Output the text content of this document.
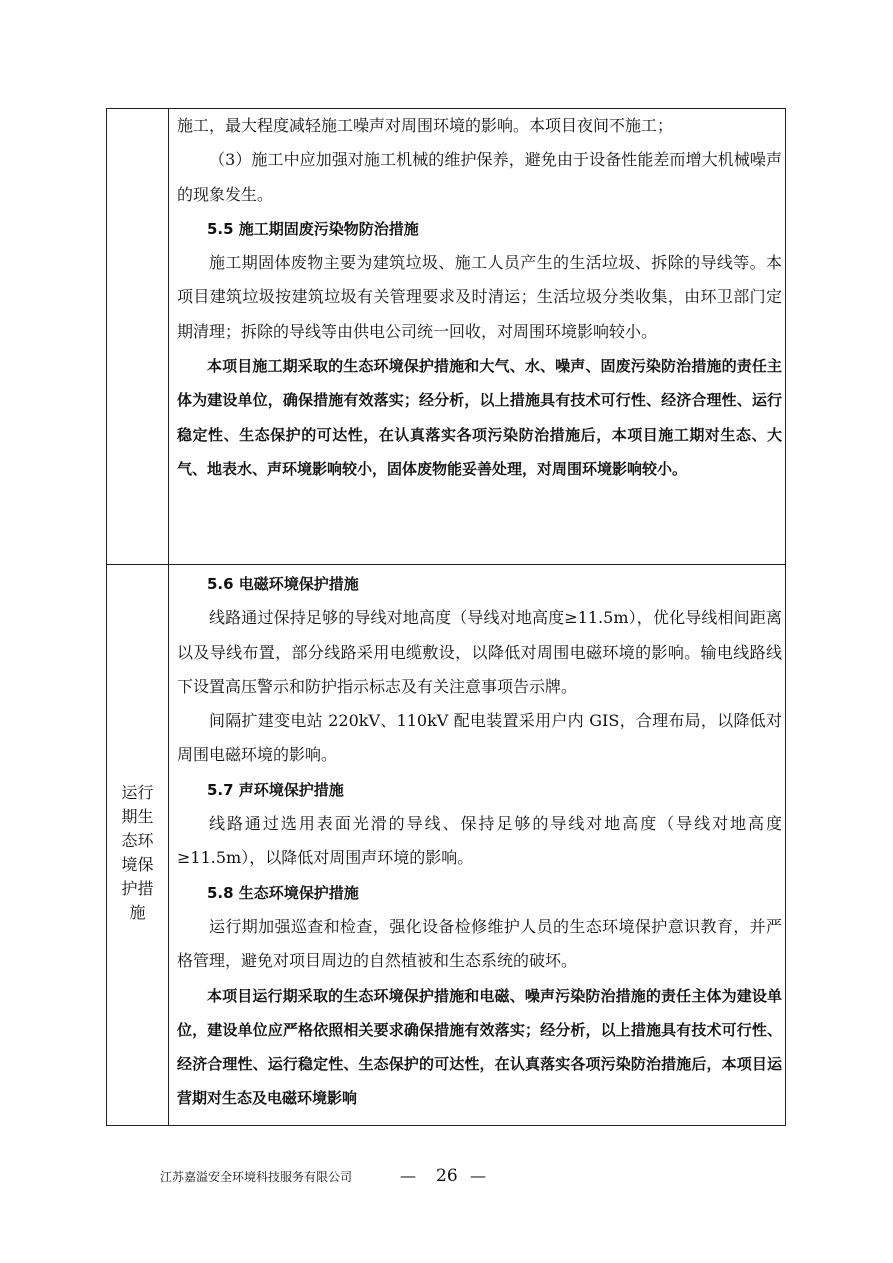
施工，最大程度减轻施工噪声对周围环境的影响。本项目夜间不施工；

（3）施工中应加强对施工机械的维护保养，避免由于设备性能差而增大机械噪声的现象发生。

5.5 施工期固废污染物防治措施

施工期固体废物主要为建筑垃圾、施工人员产生的生活垃圾、拆除的导线等。本项目建筑垃圾按建筑垃圾有关管理要求及时清运；生活垃圾分类收集，由环卫部门定期清理；拆除的导线等由供电公司统一回收，对周围环境影响较小。

本项目施工期采取的生态环境保护措施和大气、水、噪声、固废污染防治措施的责任主体为建设单位，确保措施有效落实；经分析，以上措施具有技术可行性、经济合理性、运行稳定性、生态保护的可达性，在认真落实各项污染防治措施后，本项目施工期对生态、大气、地表水、声环境影响较小，固体废物能妥善处理，对周围环境影响较小。

运行期生态环境保护措施

5.6 电磁环境保护措施

线路通过保持足够的导线对地高度（导线对地高度≥11.5m），优化导线相间距离以及导线布置，部分线路采用电缆敷设，以降低对周围电磁环境的影响。输电线路线下设置高压警示和防护指示标志及有关注意事项告示牌。

间隔扩建变电站 220kV、110kV 配电装置采用户内 GIS，合理布局，以降低对周围电磁环境的影响。

5.7 声环境保护措施

线路通过选用表面光滑的导线、保持足够的导线对地高度（导线对地高度≥11.5m），以降低对周围声环境的影响。

5.8 生态环境保护措施

运行期加强巡查和检查，强化设备检修维护人员的生态环境保护意识教育，并严格管理，避免对项目周边的自然植被和生态系统的破坏。

本项目运行期采取的生态环境保护措施和电磁、噪声污染防治措施的责任主体为建设单位，建设单位应严格依照相关要求确保措施有效落实；经分析，以上措施具有技术可行性、经济合理性、运行稳定性、生态保护的可达性，在认真落实各项污染防治措施后，本项目运营期对生态及电磁环境影响

江苏嘉溢安全环境科技服务有限公司	— 26 —
